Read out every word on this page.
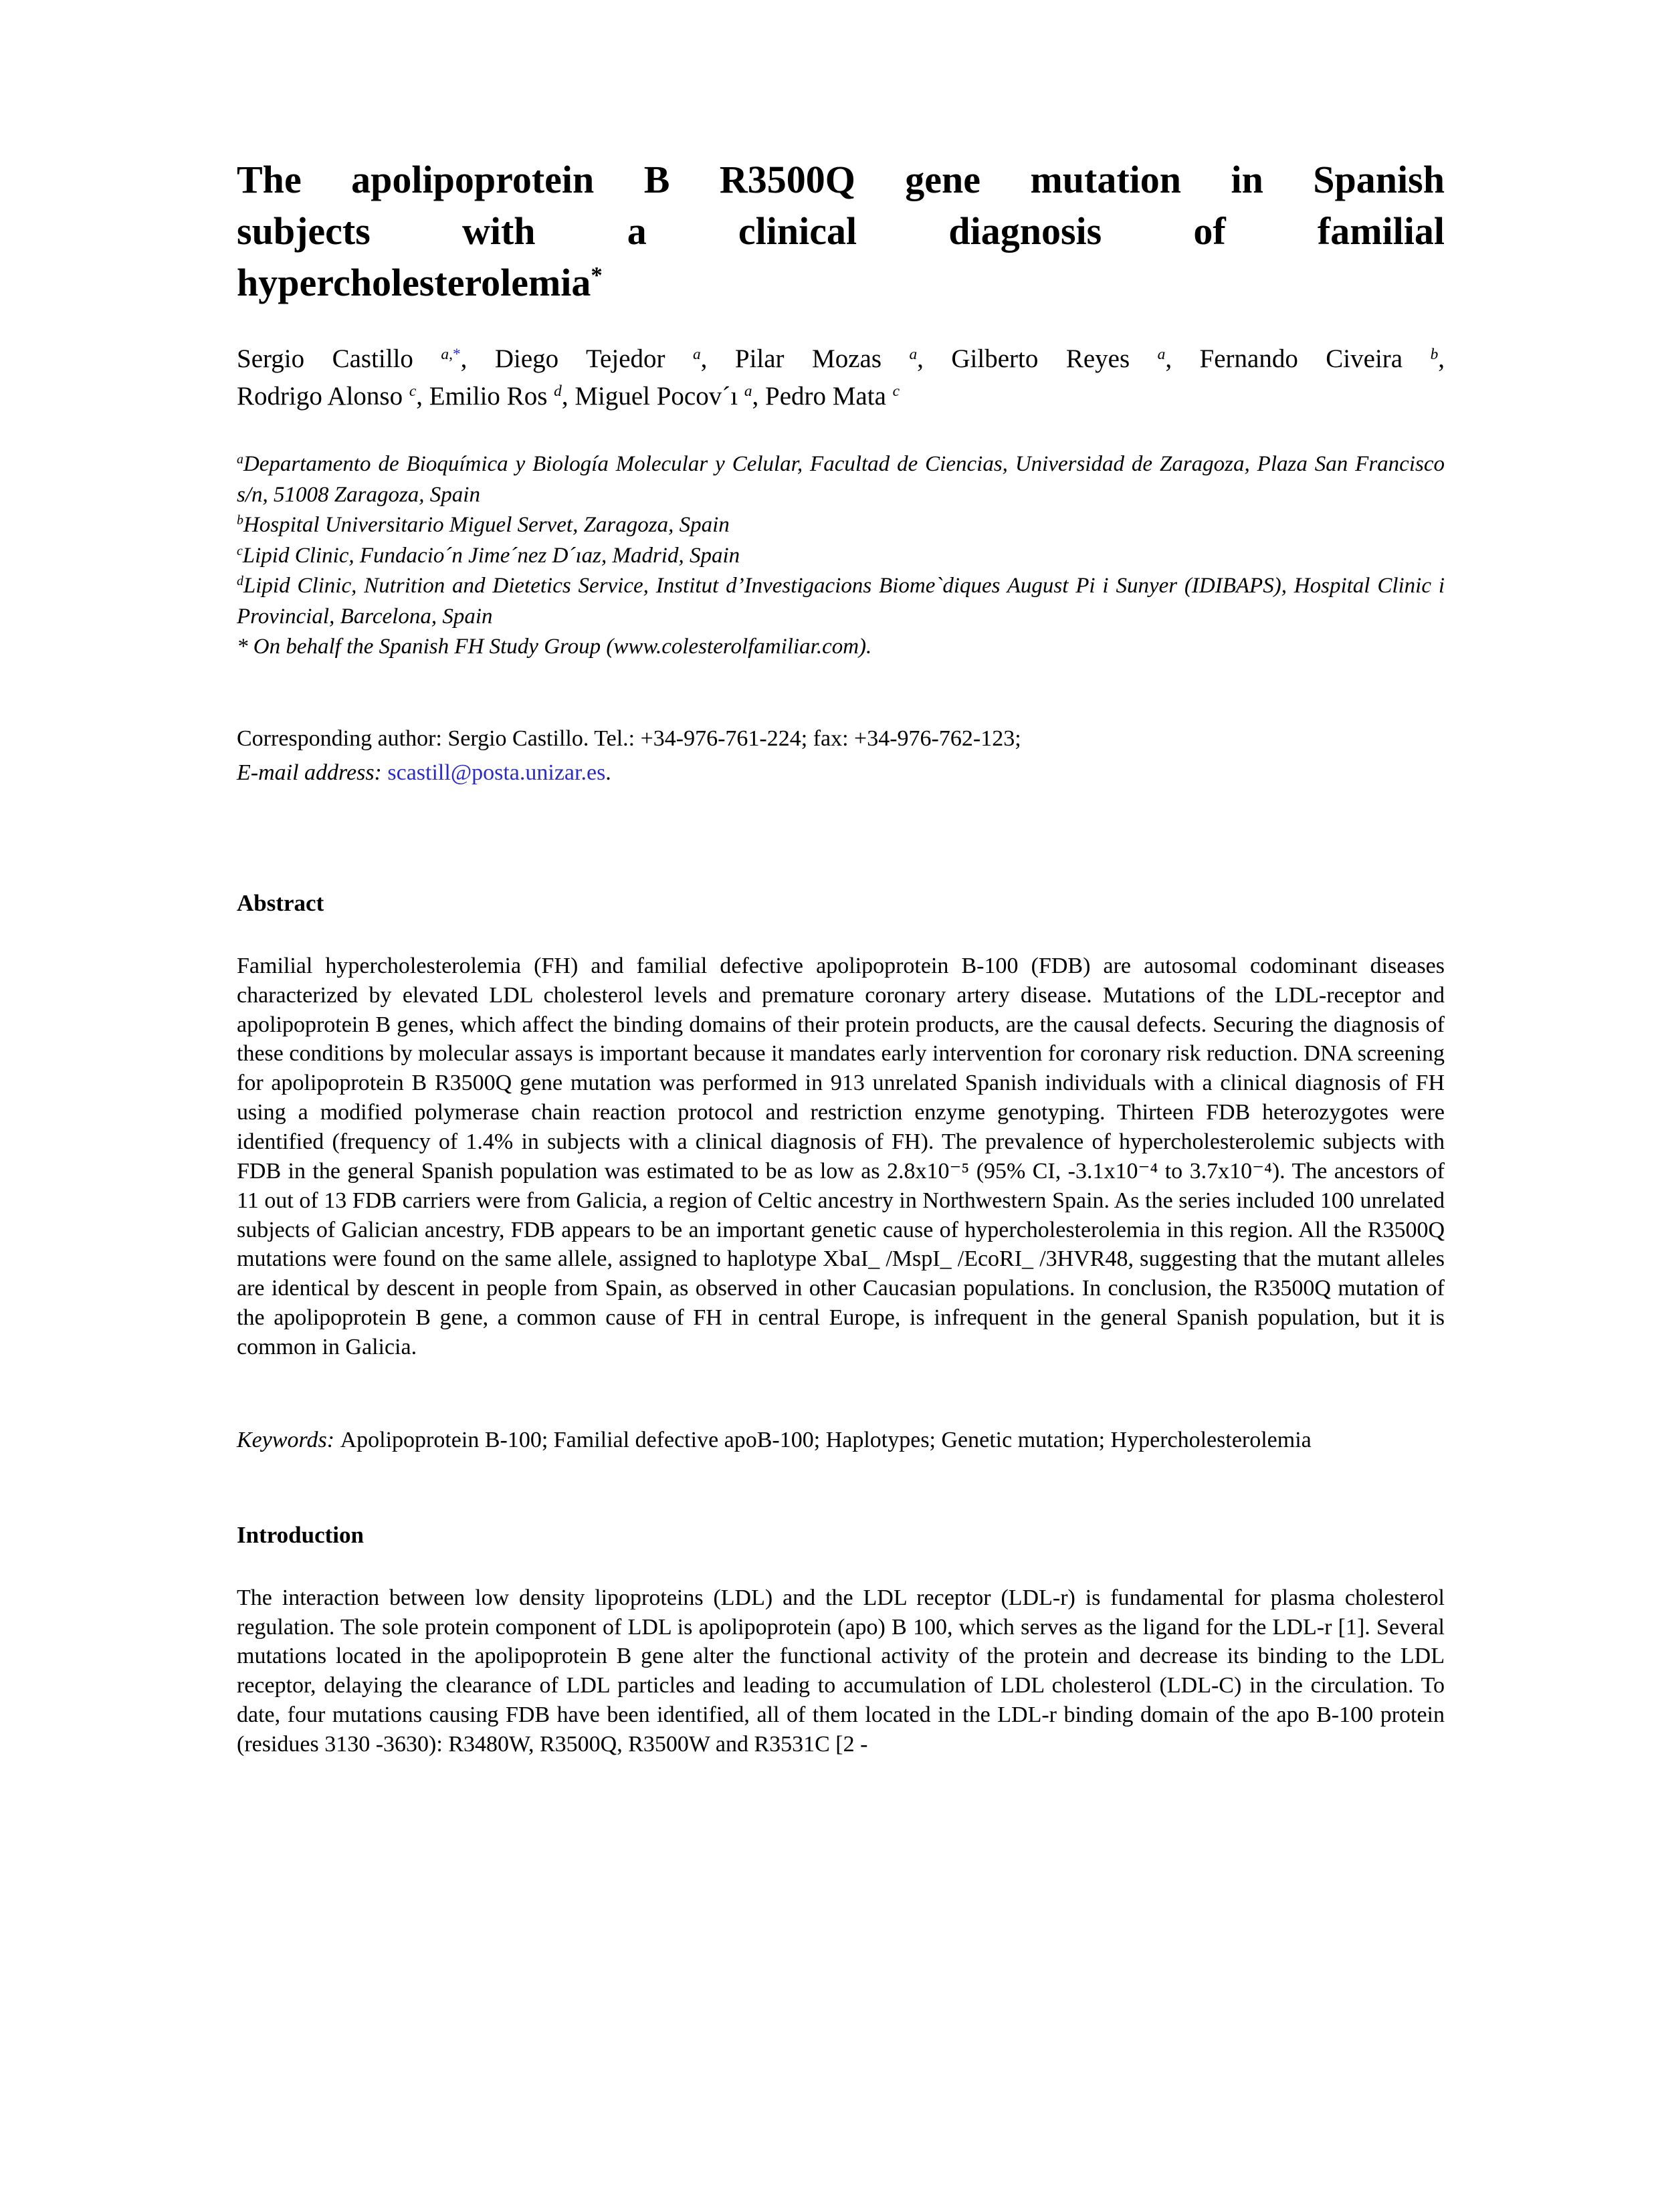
The apolipoprotein B R3500Q gene mutation in Spanish
subjects with a clinical diagnosis of familial
hypercholesterolemia*
Sergio Castillo $^{a,*}$, Diego Tejedor $^a$, Pilar Mozas $^a$, Gilberto Reyes $^a$, Fernando Civeira $^b$,
Rodrigo Alonso $^c$, Emilio Ros $^d$, Miguel Pocov´ı $^a$, Pedro Mata $^c$
$^a$Departamento de Bioquímica y Biología Molecular y Celular, Facultad de Ciencias, Universidad de Zaragoza, Plaza San Francisco s/n, 51008 Zaragoza, Spain
$^b$Hospital Universitario Miguel Servet, Zaragoza, Spain
$^c$Lipid Clinic, Fundacio´n Jime´nez D´ıaz, Madrid, Spain
$^d$Lipid Clinic, Nutrition and Dietetics Service, Institut d’Investigacions Biome`diques August Pi i Sunyer (IDIBAPS), Hospital Clinic i Provincial, Barcelona, Spain
* On behalf the Spanish FH Study Group (www.colesterolfamiliar.com).
Corresponding author: Sergio Castillo. Tel.: +34-976-761-224; fax: +34-976-762-123;
E-mail address: scastill@posta.unizar.es.
Abstract

Familial hypercholesterolemia (FH) and familial defective apolipoprotein B-100 (FDB) are autosomal codominant diseases characterized by elevated LDL cholesterol levels and premature coronary artery disease. Mutations of the LDL-receptor and apolipoprotein B genes, which affect the binding domains of their protein products, are the causal defects. Securing the diagnosis of these conditions by molecular assays is important because it mandates early intervention for coronary risk reduction. DNA screening for apolipoprotein B R3500Q gene mutation was performed in 913 unrelated Spanish individuals with a clinical diagnosis of FH using a modified polymerase chain reaction protocol and restriction enzyme genotyping. Thirteen FDB heterozygotes were identified (frequency of 1.4% in subjects with a clinical diagnosis of FH). The prevalence of hypercholesterolemic subjects with FDB in the general Spanish population was estimated to be as low as 2.8x10⁻⁵ (95% CI, -3.1x10⁻⁴ to 3.7x10⁻⁴). The ancestors of 11 out of 13 FDB carriers were from Galicia, a region of Celtic ancestry in Northwestern Spain. As the series included 100 unrelated subjects of Galician ancestry, FDB appears to be an important genetic cause of hypercholesterolemia in this region. All the R3500Q mutations were found on the same allele, assigned to haplotype XbaI_ /MspI_ /EcoRI_ /3HVR48, suggesting that the mutant alleles are identical by descent in people from Spain, as observed in other Caucasian populations. In conclusion, the R3500Q mutation of the apolipoprotein B gene, a common cause of FH in central Europe, is infrequent in the general Spanish population, but it is common in Galicia.

Keywords: Apolipoprotein B-100; Familial defective apoB-100; Haplotypes; Genetic mutation; Hypercholesterolemia

Introduction

The interaction between low density lipoproteins (LDL) and the LDL receptor (LDL-r) is fundamental for plasma cholesterol regulation. The sole protein component of LDL is apolipoprotein (apo) B 100, which serves as the ligand for the LDL-r [1]. Several mutations located in the apolipoprotein B gene alter the functional activity of the protein and decrease its binding to the LDL receptor, delaying the clearance of LDL particles and leading to accumulation of LDL cholesterol (LDL-C) in the circulation. To date, four mutations causing FDB have been identified, all of them located in the LDL-r binding domain of the apo B-100 protein (residues 3130 -3630): R3480W, R3500Q, R3500W and R3531C [2 -
